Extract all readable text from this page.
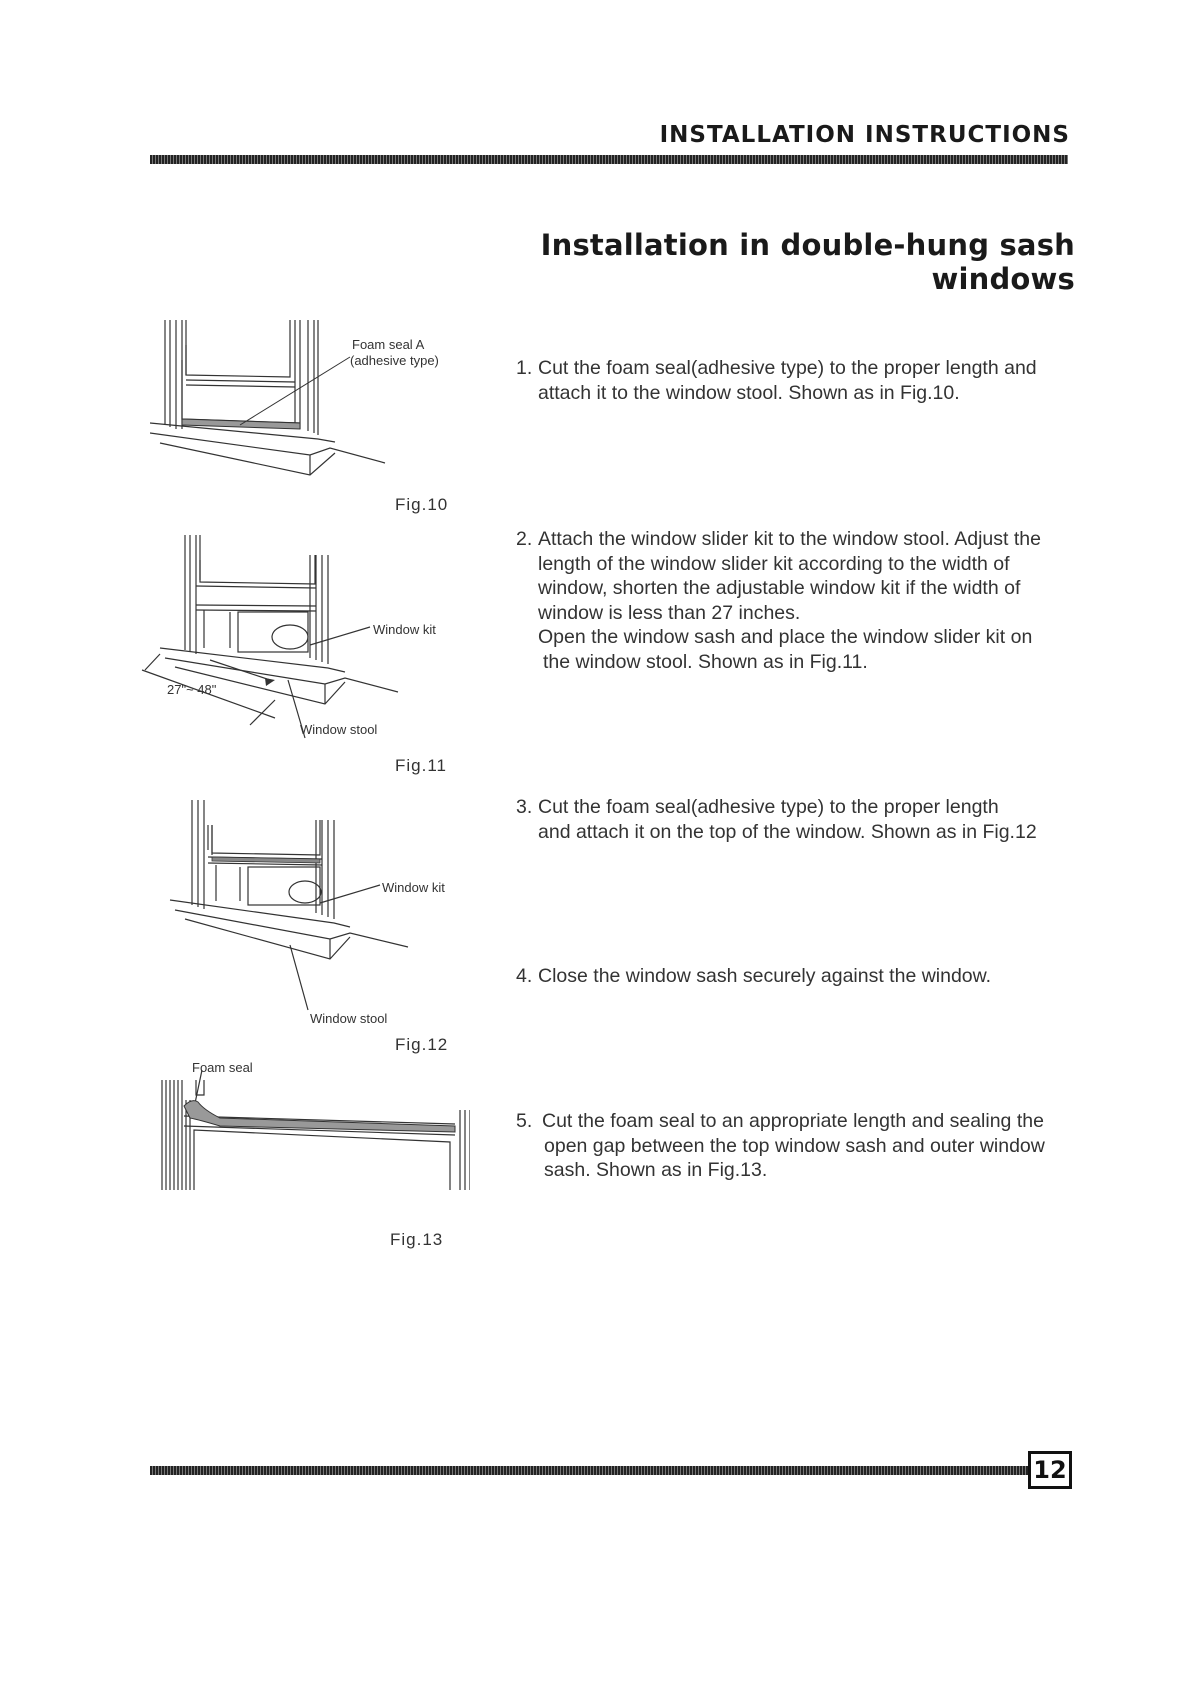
INSTALLATION INSTRUCTIONS
Installation in double-hung sash windows
1. Cut the foam seal(adhesive type) to the proper length and

attach it to the window stool. Shown as in Fig.10.

2. Attach the window slider kit to the window stool. Adjust the

length of the window slider kit according to the width of

window, shorten the adjustable window kit if the width of

window is less than 27 inches.

Open the window sash and place the window slider kit on

the window stool. Shown as in Fig.11.

3. Cut the foam seal(adhesive type) to the proper length

and attach it on the top of the window. Shown as in Fig.12

4. Close the window sash securely against the window.

5. Cut the foam seal to an appropriate length and sealing the

open gap between the top window sash and outer window

sash. Shown as in Fig.13.

Foam seal A
(adhesive type)
Fig.10
Window kit
27"~ 48"
Window stool
Fig.11
Window kit
Window stool
Fig.12
Foam seal
Fig.13
12
